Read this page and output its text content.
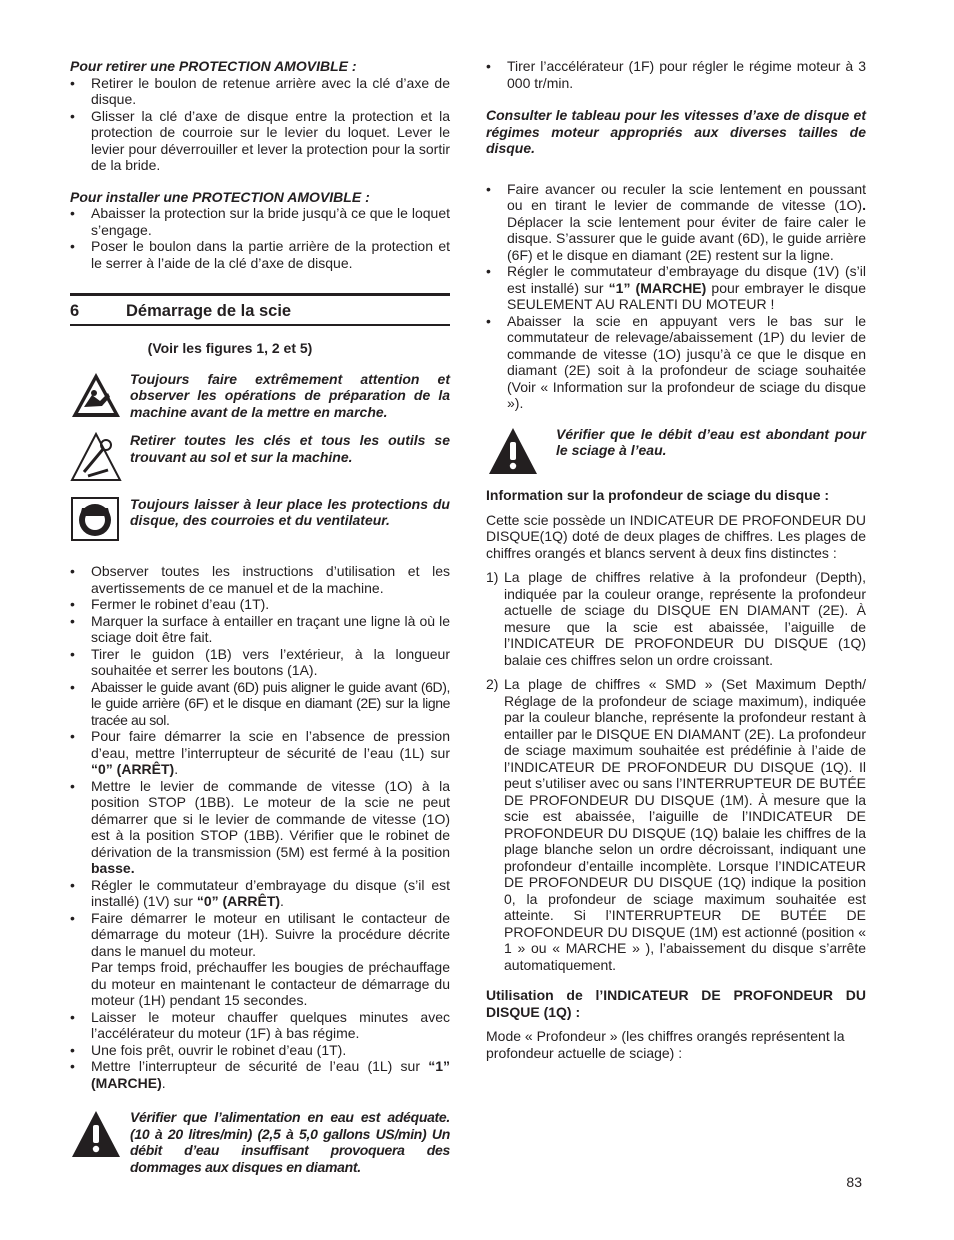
Pour retirer une PROTECTION AMOVIBLE :

• Retirer le boulon de retenue arrière avec la clé d’axe de disque.
• Glisser la clé d’axe de disque entre la protection et la protection de courroie sur le levier du loquet. Lever le levier pour déverrouiller et lever la protection pour la sortir de la bride.

Pour installer une PROTECTION AMOVIBLE :

• Abaisser la protection sur la bride jusqu’à ce que le loquet s’engage.
• Poser le boulon dans la partie arrière de la protection et le serrer à l’aide de la clé d’axe de disque.
6	Démarrage de la scie

(Voir les figures 1, 2 et 5)

Toujours faire extrêmement attention et observer les opérations de préparation de la machine avant de la mettre en marche.

Retirer toutes les clés et tous les outils se trouvant au sol et sur la machine.

Toujours laisser à leur place les protections du disque, des courroies et du ventilateur.

• Observer toutes les instructions d’utilisation et les avertissements de ce manuel et de la machine.
• Fermer le robinet d’eau (1T).
• Marquer la surface à entailler en traçant une ligne là où le sciage doit être fait.
• Tirer le guidon (1B) vers l’extérieur, à la longueur souhaitée et serrer les boutons (1A).
• Abaisser le guide avant (6D) puis aligner le guide avant (6D), le guide arrière (6F) et le disque en diamant (2E) sur la ligne tracée au sol.
• Pour faire démarrer la scie en l’absence de pression d’eau, mettre l’interrupteur de sécurité de l’eau (1L) sur “0” (ARRÊT).
• Mettre le levier de commande de vitesse (1O) à la position STOP (1BB). Le moteur de la scie ne peut démarrer que si le levier de commande de vitesse (1O) est à la position STOP (1BB). Vérifier que le robinet de dérivation de la transmission (5M) est fermé à la position basse.
• Régler le commutateur d’embrayage du disque (s’il est installé) (1V) sur “0” (ARRÊT).
• Faire démarrer le moteur en utilisant le contacteur de démarrage du moteur (1H). Suivre la procédure décrite dans le manuel du moteur.
Par temps froid, préchauffer les bougies de préchauffage du moteur en maintenant le contacteur de démarrage du moteur (1H) pendant 15 secondes.
• Laisser le moteur chauffer quelques minutes avec l’accélérateur du moteur (1F) à bas régime.
• Une fois prêt, ouvrir le robinet d’eau (1T).
• Mettre l’interrupteur de sécurité de l’eau (1L) sur “1” (MARCHE).

Vérifier que l’alimentation en eau est adéquate. (10 à 20 litres/min) (2,5 à 5,0 gallons US/min) Un débit d’eau insuffisant provoquera des dommages aux disques en diamant.

• Tirer l’accélérateur (1F) pour régler le régime moteur à 3 000 tr/min.

Consulter le tableau pour les vitesses d’axe de disque et régimes moteur appropriés aux diverses tailles de disque.

• Faire avancer ou reculer la scie lentement en poussant ou en tirant le levier de commande de vitesse (1O). Déplacer la scie lentement pour éviter de faire caler le disque. S’assurer que le guide avant (6D), le guide arrière (6F) et le disque en diamant (2E) restent sur la ligne.
• Régler le commutateur d’embrayage du disque (1V) (s’il est installé) sur “1” (MARCHE) pour embrayer le disque SEULEMENT AU RALENTI DU MOTEUR !
• Abaisser la scie en appuyant vers le bas sur le commutateur de relevage/abaissement (1P) du levier de commande de vitesse (1O) jusqu’à ce que le disque en diamant (2E) soit à la profondeur de sciage souhaitée (Voir « Information sur la profondeur de sciage du disque »).

Vérifier que le débit d’eau est abondant pour le sciage à l’eau.

Information sur la profondeur de sciage du disque :

Cette scie possède un INDICATEUR DE PROFONDEUR DU DISQUE(1Q) doté de deux plages de chiffres. Les plages de chiffres orangés et blancs servent à deux fins distinctes :

1) La plage de chiffres relative à la profondeur (Depth), indiquée par la couleur orange, représente la profondeur actuelle de sciage du DISQUE EN DIAMANT (2E). À mesure que la scie est abaissée, l’aiguille de l’INDICATEUR DE PROFONDEUR DU DISQUE (1Q) balaie ces chiffres selon un ordre croissant.
2) La plage de chiffres « SMD » (Set Maximum Depth/ Réglage de la profondeur de sciage maximum), indiquée par la couleur blanche, représente la profondeur restant à entailler par le DISQUE EN DIAMANT (2E). La profondeur de sciage maximum souhaitée est prédéfinie à l’aide de l’INDICATEUR DE PROFONDEUR DU DISQUE (1Q). Il peut s’utiliser avec ou sans l’INTERRUPTEUR DE BUTÉE DE PROFONDEUR DU DISQUE (1M). À mesure que la scie est abaissée, l’aiguille de l’INDICATEUR DE PROFONDEUR DU DISQUE (1Q) balaie les chiffres de la plage blanche selon un ordre décroissant, indiquant une profondeur d’entaille incomplète. Lorsque l’INDICATEUR DE PROFONDEUR DU DISQUE (1Q) indique la position 0, la profondeur de sciage maximum souhaitée est atteinte. Si l’INTERRUPTEUR DE BUTÉE DE PROFONDEUR DU DISQUE (1M) est actionné (position « 1 » ou « MARCHE » ), l’abaissement du disque s’arrête automatiquement.

Utilisation de l’INDICATEUR DE PROFONDEUR DU DISQUE (1Q) :

Mode « Profondeur » (les chiffres orangés représentent la profondeur actuelle de sciage) :

83
